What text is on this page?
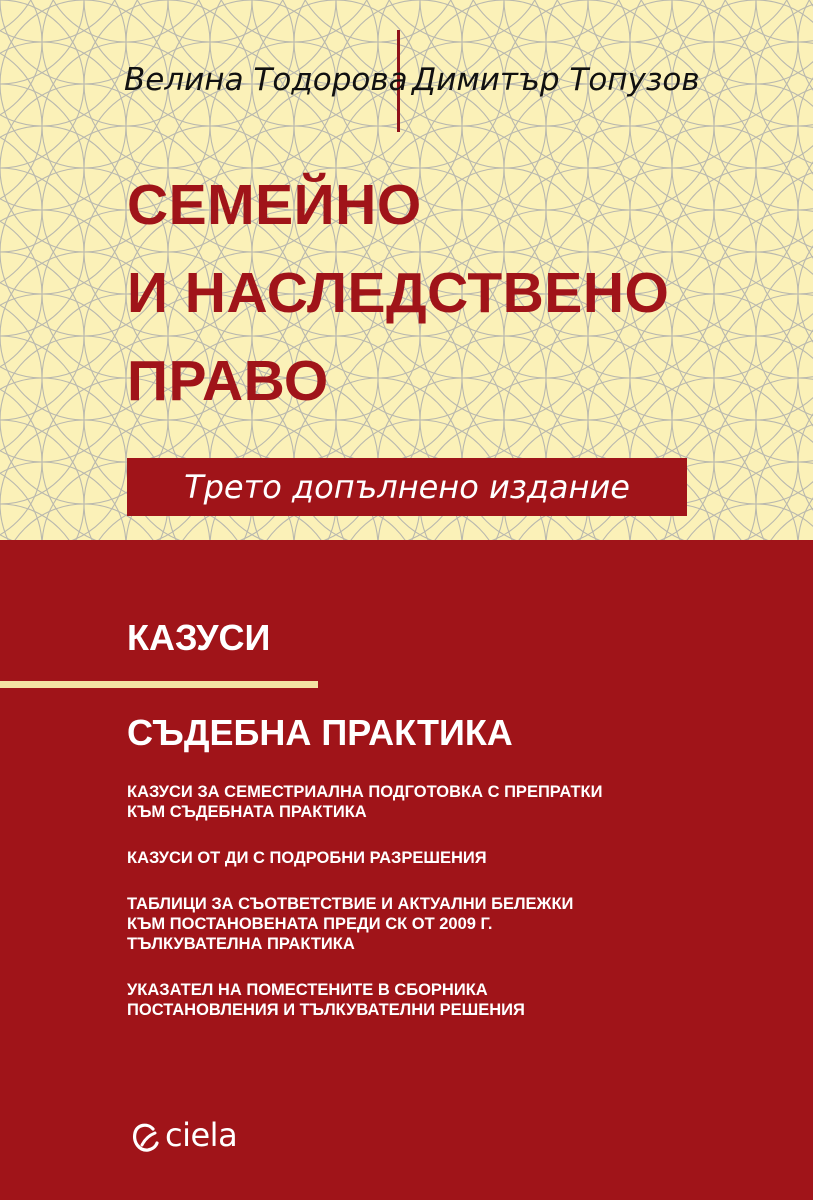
Велина Тодорова Димитър Топузов
СЕМЕЙНО
И НАСЛЕДСТВЕНО
ПРАВО
Трето допълнено издание
КАЗУСИ
СЪДЕБНА ПРАКТИКА
КАЗУСИ ЗА СЕМЕСТРИАЛНА ПОДГОТОВКА С ПРЕПРАТКИ
КЪМ СЪДЕБНАТА ПРАКТИКА
КАЗУСИ ОТ ДИ С ПОДРОБНИ РАЗРЕШЕНИЯ
ТАБЛИЦИ ЗА СЪОТВЕТСТВИЕ И АКТУАЛНИ БЕЛЕЖКИ
КЪМ ПОСТАНОВЕНАТА ПРЕДИ СК ОТ 2009 Г.
ТЪЛКУВАТЕЛНА ПРАКТИКА
УКАЗАТЕЛ НА ПОМЕСТЕНИТЕ В СБОРНИКА
ПОСТАНОВЛЕНИЯ И ТЪЛКУВАТЕЛНИ РЕШЕНИЯ
ciela
